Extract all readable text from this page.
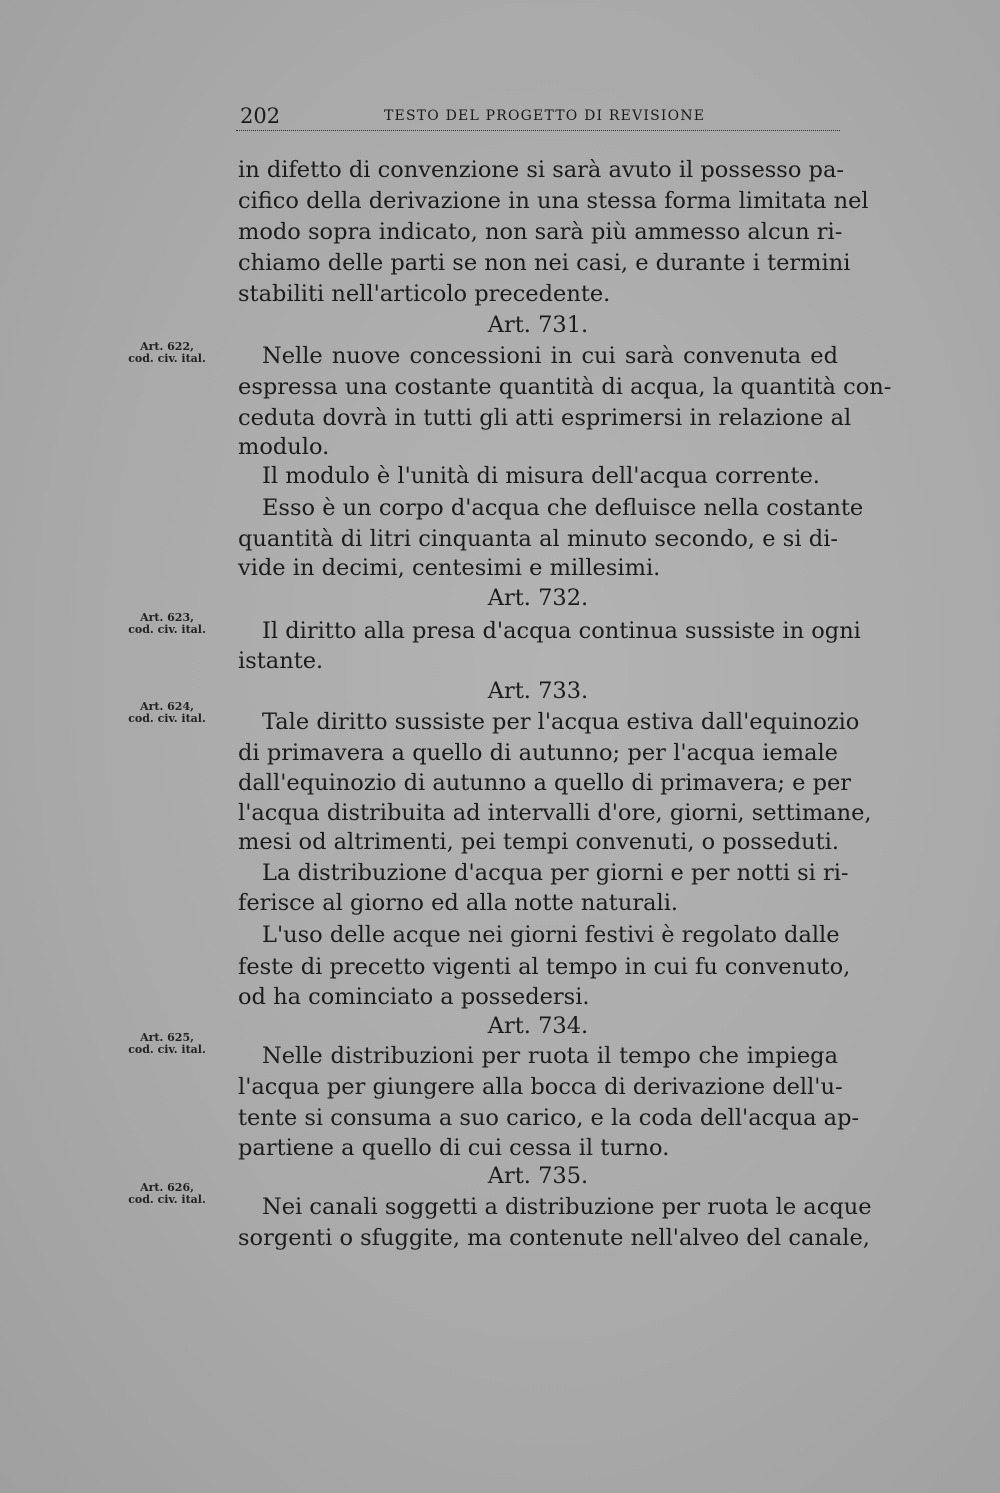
202	TESTO DEL PROGETTO DI REVISIONE
Art. 622,
cod. civ. ital.
Art. 623,
cod. civ. ital.
Art. 624,
cod. civ. ital.
Art. 625,
cod. civ. ital.
Art. 626,
cod. civ. ital.
in difetto di convenzione si sarà avuto il possesso pa-
cifico della derivazione in una stessa forma limitata nel
modo sopra indicato, non sarà più ammesso alcun ri-
chiamo delle parti se non nei casi, e durante i termini
stabiliti nell'articolo precedente.
Art. 731.
Nelle nuove concessioni in cui sarà convenuta ed
espressa una costante quantità di acqua, la quantità con-
ceduta dovrà in tutti gli atti esprimersi in relazione al
modulo.
Il modulo è l'unità di misura dell'acqua corrente.
Esso è un corpo d'acqua che defluisce nella costante
quantità di litri cinquanta al minuto secondo, e si di-
vide in decimi, centesimi e millesimi.
Art. 732.
Il diritto alla presa d'acqua continua sussiste in ogni
istante.
Art. 733.
Tale diritto sussiste per l'acqua estiva dall'equinozio
di primavera a quello di autunno; per l'acqua iemale
dall'equinozio di autunno a quello di primavera; e per
l'acqua distribuita ad intervalli d'ore, giorni, settimane,
mesi od altrimenti, pei tempi convenuti, o posseduti.
La distribuzione d'acqua per giorni e per notti si ri-
ferisce al giorno ed alla notte naturali.
L'uso delle acque nei giorni festivi è regolato dalle
feste di precetto vigenti al tempo in cui fu convenuto,
od ha cominciato a possedersi.
Art. 734.
Nelle distribuzioni per ruota il tempo che impiega
l'acqua per giungere alla bocca di derivazione dell'u-
tente si consuma a suo carico, e la coda dell'acqua ap-
partiene a quello di cui cessa il turno.
Art. 735.
Nei canali soggetti a distribuzione per ruota le acque
sorgenti o sfuggite, ma contenute nell'alveo del canale,
